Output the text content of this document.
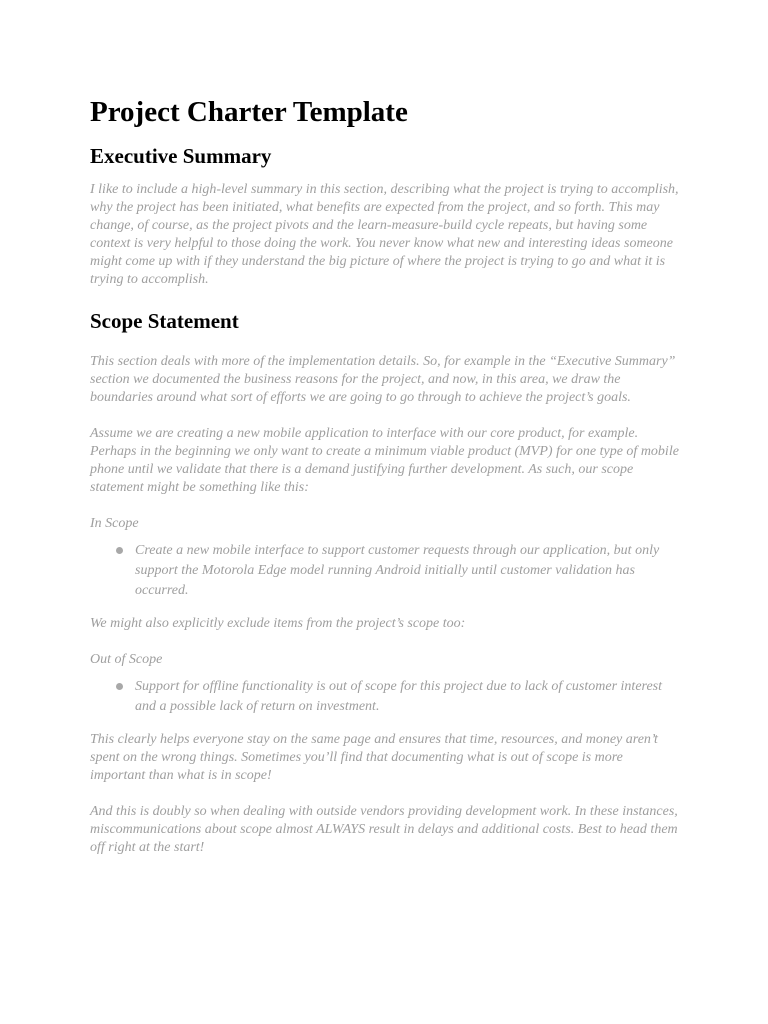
Project Charter Template
Executive Summary

I like to include a high-level summary in this section, describing what the project is trying to accomplish, why the project has been initiated, what benefits are expected from the project, and so forth. This may change, of course, as the project pivots and the learn-measure-build cycle repeats, but having some context is very helpful to those doing the work. You never know what new and interesting ideas someone might come up with if they understand the big picture of where the project is trying to go and what it is trying to accomplish.

Scope Statement

This section deals with more of the implementation details. So, for example in the “Executive Summary” section we documented the business reasons for the project, and now, in this area, we draw the boundaries around what sort of efforts we are going to go through to achieve the project’s goals.

Assume we are creating a new mobile application to interface with our core product, for example. Perhaps in the beginning we only want to create a minimum viable product (MVP) for one type of mobile phone until we validate that there is a demand justifying further development. As such, our scope statement might be something like this:

In Scope
Create a new mobile interface to support customer requests through our application, but only support the Motorola Edge model running Android initially until customer validation has occurred.

We might also explicitly exclude items from the project’s scope too:

Out of Scope
Support for offline functionality is out of scope for this project due to lack of customer interest and a possible lack of return on investment.

This clearly helps everyone stay on the same page and ensures that time, resources, and money aren’t spent on the wrong things. Sometimes you’ll find that documenting what is out of scope is more important than what is in scope!

And this is doubly so when dealing with outside vendors providing development work. In these instances, miscommunications about scope almost ALWAYS result in delays and additional costs. Best to head them off right at the start!
